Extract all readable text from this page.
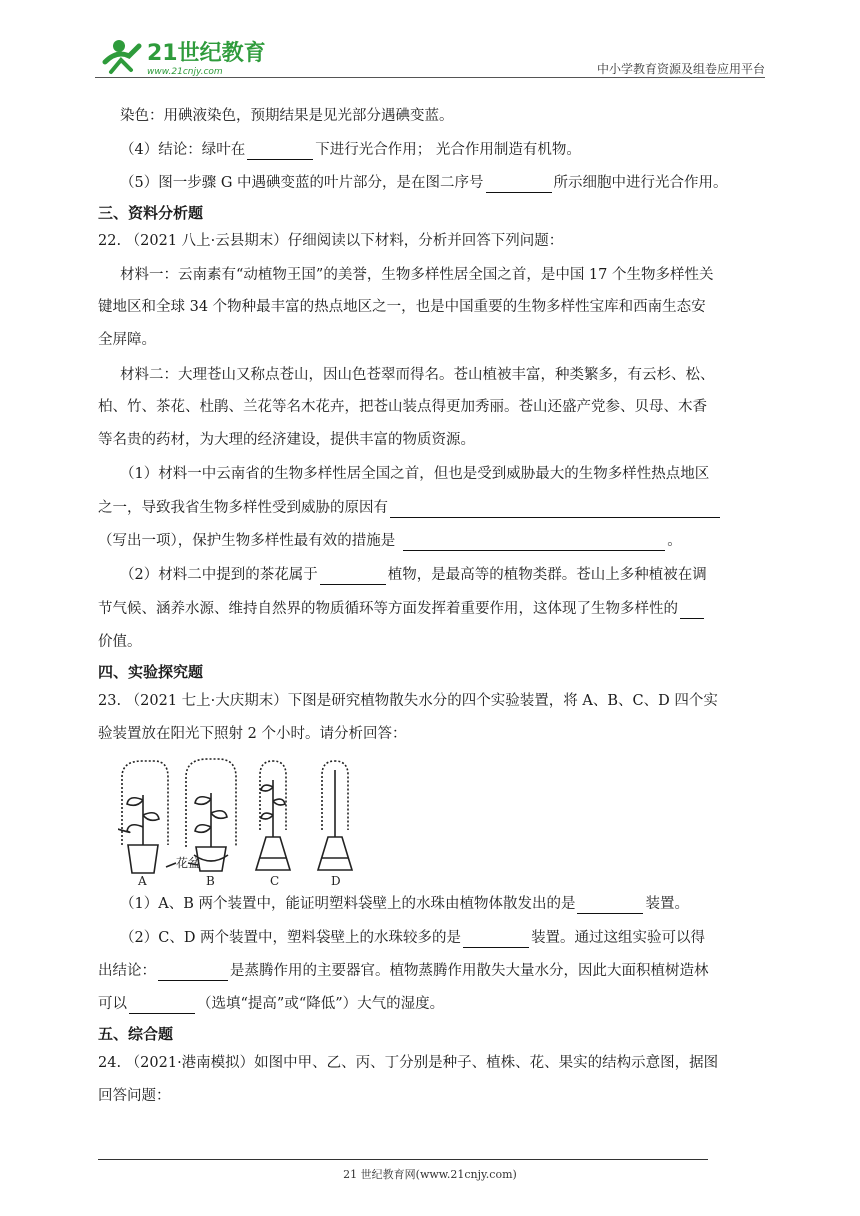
21世纪教育
www.21cnjy.com	中小学教育资源及组卷应用平台
染色：用碘液染色，预期结果是见光部分遇碘变蓝。
（4）结论：绿叶在	下进行光合作用； 光合作用制造有机物。
（5）图一步骤 G 中遇碘变蓝的叶片部分，是在图二序号	所示细胞中进行光合作用。
三、资料分析题
22. （2021 八上·云县期末）仔细阅读以下材料，分析并回答下列问题：
材料一：云南素有“动植物王国”的美誉，生物多样性居全国之首，是中国 17 个生物多样性关
键地区和全球 34 个物种最丰富的热点地区之一，也是中国重要的生物多样性宝库和西南生态安
全屏障。
材料二：大理苍山又称点苍山，因山色苍翠而得名。苍山植被丰富，种类繁多，有云杉、松、
柏、竹、茶花、杜鹃、兰花等名木花卉，把苍山装点得更加秀丽。苍山还盛产党参、贝母、木香
等名贵的药材，为大理的经济建设，提供丰富的物质资源。
（1）材料一中云南省的生物多样性居全国之首，但也是受到威胁最大的生物多样性热点地区
之一，导致我省生物多样性受到威胁的原因有
（写出一项），保护生物多样性最有效的措施是	。
（2）材料二中提到的茶花属于	植物，是最高等的植物类群。苍山上多种植被在调
节气候、涵养水源、维持自然界的物质循环等方面发挥着重要作用，这体现了生物多样性的
价值。
四、实验探究题
23. （2021 七上·大庆期末）下图是研究植物散失水分的四个实验装置，将 A、B、C、D 四个实
验装置放在阳光下照射 2 个小时。请分析回答：
花盆
A	B	C	D
（1）A、B 两个装置中，能证明塑料袋壁上的水珠由植物体散发出的是	装置。
（2）C、D 两个装置中，塑料袋壁上的水珠较多的是	装置。通过这组实验可以得
出结论：	是蒸腾作用的主要器官。植物蒸腾作用散失大量水分，因此大面积植树造林
可以	（选填“提高”或“降低”）大气的湿度。
五、综合题
24. （2021·港南模拟）如图中甲、乙、丙、丁分别是种子、植株、花、果实的结构示意图，据图
回答问题：
21 世纪教育网(www.21cnjy.com)
